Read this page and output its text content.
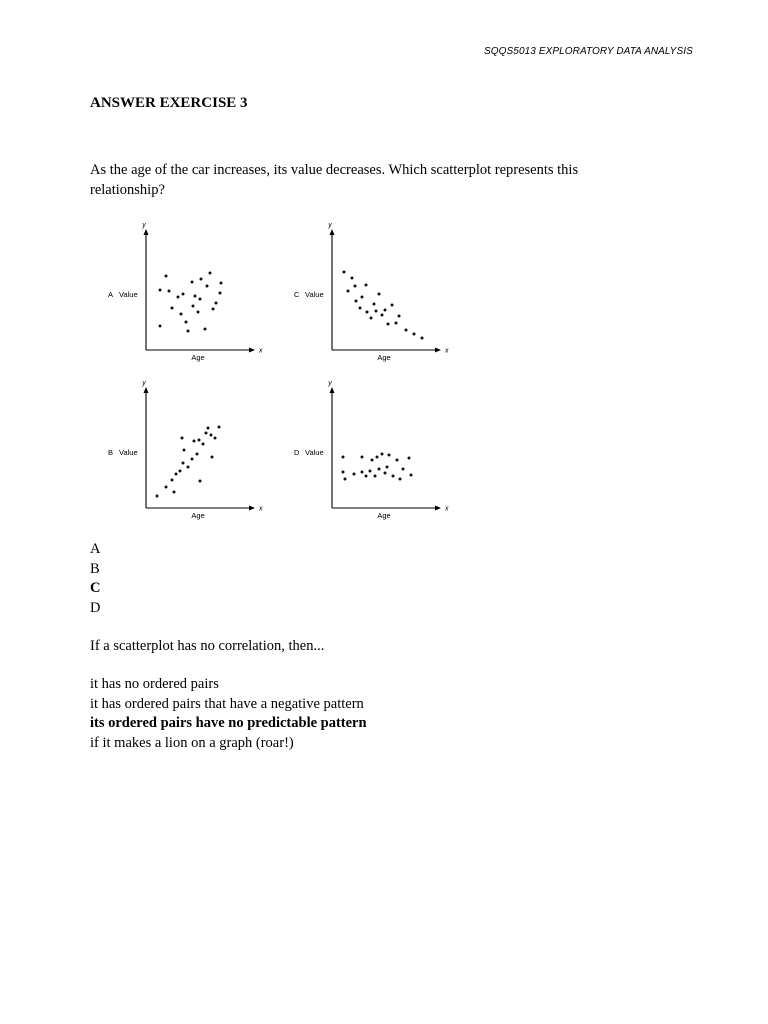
SQQS5013 EXPLORATORY DATA ANALYSIS
ANSWER EXERCISE 3

As the age of the car increases, its value decreases. Which scatterplot represents this relationship?

y
x
A Value
Age
y
x
C Value
Age
y
x
B Value
Age
y
x
D Value
Age
A
B
C
D

If a scatterplot has no correlation, then...

it has no ordered pairs
it has ordered pairs that have a negative pattern
its ordered pairs have no predictable pattern
if it makes a lion on a graph (roar!)
